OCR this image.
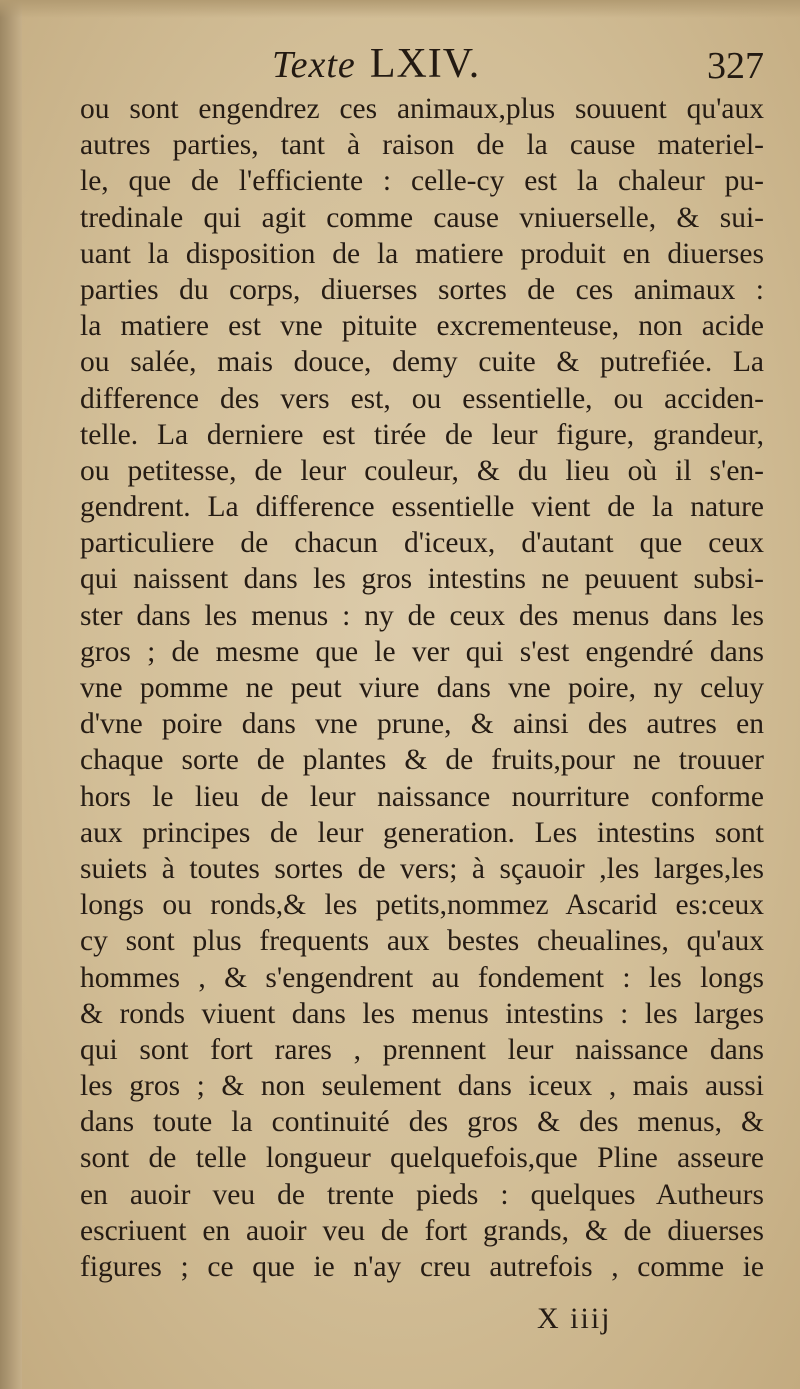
Texte LXIV.	327
ou sont engendrez ces animaux,plus souuent qu'aux
autres parties, tant à raison de la cause materiel-
le, que de l'efficiente : celle-cy est la chaleur pu-
tredinale qui agit comme cause vniuerselle, & sui-
uant la disposition de la matiere produit en diuerses
parties du corps, diuerses sortes de ces animaux :
la matiere est vne pituite excrementeuse, non acide
ou salée, mais douce, demy cuite & putrefiée. La
difference des vers est, ou essentielle, ou acciden-
telle. La derniere est tirée de leur figure, grandeur,
ou petitesse, de leur couleur, & du lieu où il s'en-
gendrent. La difference essentielle vient de la nature
particuliere de chacun d'iceux, d'autant que ceux
qui naissent dans les gros intestins ne peuuent subsi-
ster dans les menus : ny de ceux des menus dans les
gros ; de mesme que le ver qui s'est engendré dans
vne pomme ne peut viure dans vne poire, ny celuy
d'vne poire dans vne prune, & ainsi des autres en
chaque sorte de plantes & de fruits,pour ne trouuer
hors le lieu de leur naissance nourriture conforme
aux principes de leur generation. Les intestins sont
suiets à toutes sortes de vers; à sçauoir ,les larges,les
longs ou ronds,& les petits,nommez Ascarid es:ceux
cy sont plus frequents aux bestes cheualines, qu'aux
hommes , & s'engendrent au fondement : les longs
& ronds viuent dans les menus intestins : les larges
qui sont fort rares , prennent leur naissance dans
les gros ; & non seulement dans iceux , mais aussi
dans toute la continuité des gros & des menus, &
sont de telle longueur quelquefois,que Pline asseure
en auoir veu de trente pieds : quelques Autheurs
escriuent en auoir veu de fort grands, & de diuerses
figures ; ce que ie n'ay creu autrefois , comme ie
X iiij
